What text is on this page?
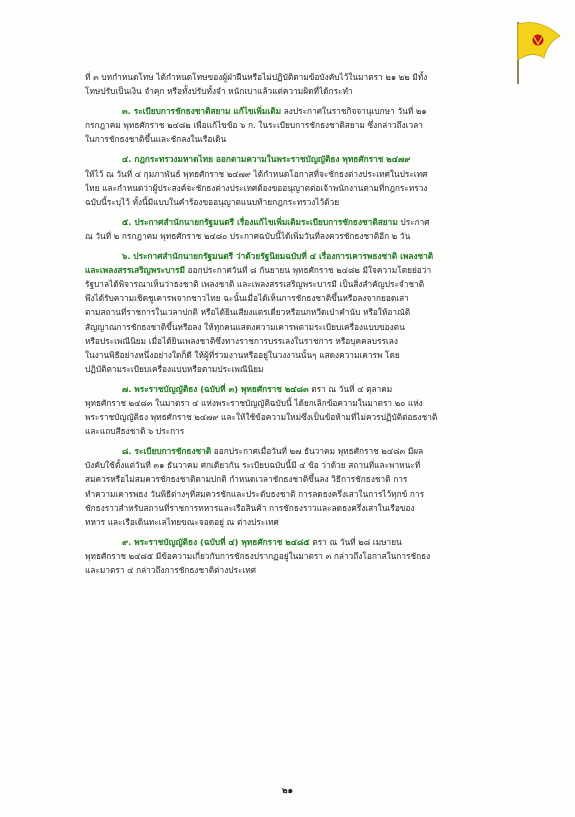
ที่ ๓ บทกำหนดโทษ ได้กำหนดโทษของผู้ฝ่าฝืนหรือไม่ปฏิบัติตามข้อบังคับไว้ในมาตรา ๒๑ ๒๒ มีทั้ง
โทษปรับเป็นเงิน จำคุก หรือทั้งปรับทั้งจำ หนักเบาแล้วแต่ความผิดที่ได้กระทำ
๓. ระเบียบการชักธงชาติสยาม แก้ไขเพิ่มเติม ลงประกาศในราชกิจจานุเบกษา วันที่ ๒๑
กรกฎาคม พุทธศักราช ๒๔๘๒ เพื่อแก้ไขข้อ ๖ ก. ในระเบียบการชักธงชาติสยาม ซึ่งกล่าวถึงเวลา
ในการชักธงชาติขึ้นและชักลงในเรือเดิน
๔. กฎกระทรวงมหาดไทย ออกตามความในพระราชบัญญัติธง พุทธศักราช ๒๔๗๙
ให้ไว้ ณ วันที่ ๔ กุมภาพันธ์ พุทธศักราช ๒๔๗๙ ได้กำหนดโอกาสที่จะชักธงต่างประเทศในประเทศ
ไทย และกำหนดว่าผู้ประสงค์จะชักธงต่างประเทศต้องขออนุญาตต่อเจ้าพนักงานตามที่กฎกระทรวง
ฉบับนี้ระบุไว้ ทั้งนี้มีแบบในคำร้องขออนุญาตแนบท้ายกฎกระทรวงไว้ด้วย
๕. ประกาศสำนักนายกรัฐมนตรี เรื่องแก้ไขเพิ่มเติมระเบียบการชักธงชาติสยาม ประกาศ
ณ วันที่ ๒ กรกฎาคม พุทธศักราช ๒๔๘๐ ประกาศฉบับนี้ได้เพิ่มวันที่ลงควรชักธงชาติอีก ๒ วัน
๖. ประกาศสำนักนายกรัฐมนตรี ว่าด้วยรัฐนิยมฉบับที่ ๔ เรื่องการเคารพธงชาติ เพลงชาติ
และเพลงสรรเสริญพระบารมี ออกประกาศวันที่ ๘ กันยายน พุทธศักราช ๒๔๘๒ มีใจความโดยย่อว่า
รัฐบาลได้พิจารณาเห็นว่าธงชาติ เพลงชาติ และเพลงสรรเสริญพระบารมี เป็นสิ่งสำคัญประจำชาติ
พึงได้รับความเชิดชูเคารพจากชาวไทย ฉะนั้นเมื่อได้เห็นการชักธงชาติขึ้นหรือลงจากยอดเสา
ตามสถานที่ราชการในเวลาปกติ หรือได้ยินเสียงแตรเดี่ยวหรือนกหวีดเป่าคำนับ หรือให้อาณัติ
สัญญาณการชักธงชาติขึ้นหรือลง ให้ทุกคนแสดงความเคารพตามระเบียบเครื่องแบบของตน
หรือประเพณีนิยม เมื่อได้ยินเพลงชาติซึ่งทางราชการบรรเลงในราชการ หรือบุคคลบรรเลง
ในงานพิธีอย่างหนึ่งอย่างใดก็ดี ให้ผู้ที่ร่วมงานหรืออยู่ในวงงานนั้นๆ แสดงความเคารพ โดย
ปฏิบัติตามระเบียบเครื่องแบบหรือตามประเพณีนิยม
๗. พระราชบัญญัติธง (ฉบับที่ ๓) พุทธศักราช ๒๔๘๓ ตรา ณ วันที่ ๔ ตุลาคม
พุทธศักราช ๒๔๘๓ ในมาตรา ๔ แห่งพระราชบัญญัติฉบับนี้ ได้ยกเลิกข้อความในมาตรา ๒๐ แห่ง
พระราชบัญญัติธง พุทธศักราช ๒๔๗๙ และให้ใช้ข้อความใหม่ซึ่งเป็นข้อห้ามที่ไม่ควรปฏิบัติต่อธงชาติ
และแถบสีธงชาติ ๖ ประการ
๘. ระเบียบการชักธงชาติ ออกประกาศเมื่อวันที่ ๒๗ ธันวาคม พุทธศักราช ๒๔๘๓ มีผล
บังคับใช้ตั้งแต่วันที่ ๓๑ ธันวาคม ศกเดียวกัน ระเบียบฉบับนี้มี ๔ ข้อ ว่าด้วย สถานที่และพาหนะที่
สมควรหรือไม่สมควรชักธงชาติตามปกติ กำหนดเวลาชักธงชาติขึ้นลง วิธีการชักธงชาติ การ
ทำความเคารพธง วันพิธีต่างๆที่สมควรชักและประดับธงชาติ การลดธงครึ่งเสาในการไว้ทุกข์ การ
ชักธงราวสำหรับสถานที่ราชการทหารและเรือสินค้า การชักธงราวและลดธงครึ่งเสาในเรือของ
ทหาร และเรือเดินทะเลไทยขณะจอดอยู่ ณ ต่างประเทศ
๙. พระราชบัญญัติธง (ฉบับที่ ๔) พุทธศักราช ๒๔๘๕ ตรา ณ วันที่ ๒๘ เมษายน
พุทธศักราช ๒๔๘๕ มีข้อความเกี่ยวกับการชักธงปรากฏอยู่ในมาตรา ๓ กล่าวถึงโอกาสในการชักธง
และมาตรา ๔ กล่าวถึงการชักธงชาติต่างประเทศ
๒๑
